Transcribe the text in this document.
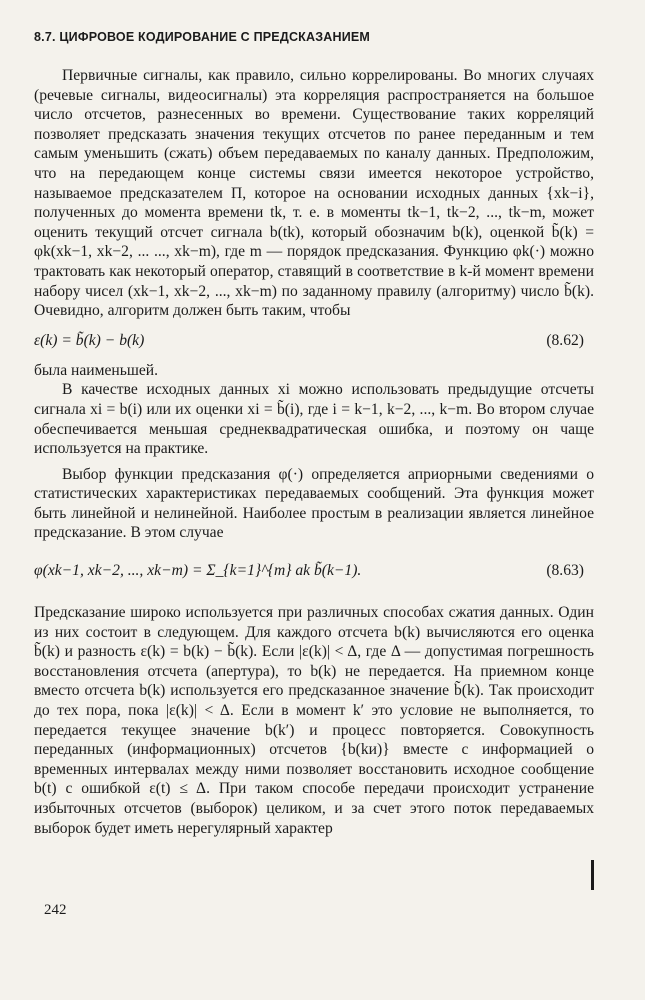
8.7. ЦИФРОВОЕ КОДИРОВАНИЕ С ПРЕДСКАЗАНИЕМ

Первичные сигналы, как правило, сильно коррелированы. Во многих случаях (речевые сигналы, видеосигналы) эта корреляция распространяется на большое число отсчетов, разнесенных во времени. Существование таких корреляций позволяет предсказать значения текущих отсчетов по ранее переданным и тем самым уменьшить (сжать) объем передаваемых по каналу данных. Предположим, что на передающем конце системы связи имеется некоторое устройство, называемое предсказателем П, которое на основании исходных данных {xk−i}, полученных до момента времени tk, т. е. в моменты tk−1, tk−2, ..., tk−m, может оценить текущий отсчет сигнала b(tk), который обозначим b(k), оценкой b̃(k) = φk(xk−1, xk−2, ... ..., xk−m), где m — порядок предсказания. Функцию φk(·) можно трактовать как некоторый оператор, ставящий в соответствие в k-й момент времени набору чисел (xk−1, xk−2, ..., xk−m) по заданному правилу (алгоритму) число b̃(k). Очевидно, алгоритм должен быть таким, чтобы

ε(k) = b̃(k) − b(k)	(8.62)

была наименьшей.

В качестве исходных данных xi можно использовать предыдущие отсчеты сигнала xi = b(i) или их оценки xi = b̃(i), где i = k−1, k−2, ..., k−m. Во втором случае обеспечивается меньшая среднеквадратическая ошибка, и поэтому он чаще используется на практике.

Выбор функции предсказания φ(·) определяется априорными сведениями о статистических характеристиках передаваемых сообщений. Эта функция может быть линейной и нелинейной. Наиболее простым в реализации является линейное предсказание. В этом случае

φ(xk−1, xk−2, ..., xk−m) = Σ_{k=1}^{m} ak b̃(k−1).	(8.63)

Предсказание широко используется при различных способах сжатия данных. Один из них состоит в следующем. Для каждого отсчета b(k) вычисляются его оценка b̃(k) и разность ε(k) = b(k) − b̃(k). Если |ε(k)| < Δ, где Δ — допустимая погрешность восстановления отсчета (апертура), то b(k) не передается. На приемном конце вместо отсчета b(k) используется его предсказанное значение b̃(k). Так происходит до тех пора, пока |ε(k)| < Δ. Если в момент k′ это условие не выполняется, то передается текущее значение b(k′) и процесс повторяется. Совокупность переданных (информационных) отсчетов {b(kи)} вместе с информацией о временных интервалах между ними позволяет восстановить исходное сообщение b(t) с ошибкой ε(t) ≤ Δ. При таком способе передачи происходит устранение избыточных отсчетов (выборок) целиком, и за счет этого поток передаваемых выборок будет иметь нерегулярный характер

242
